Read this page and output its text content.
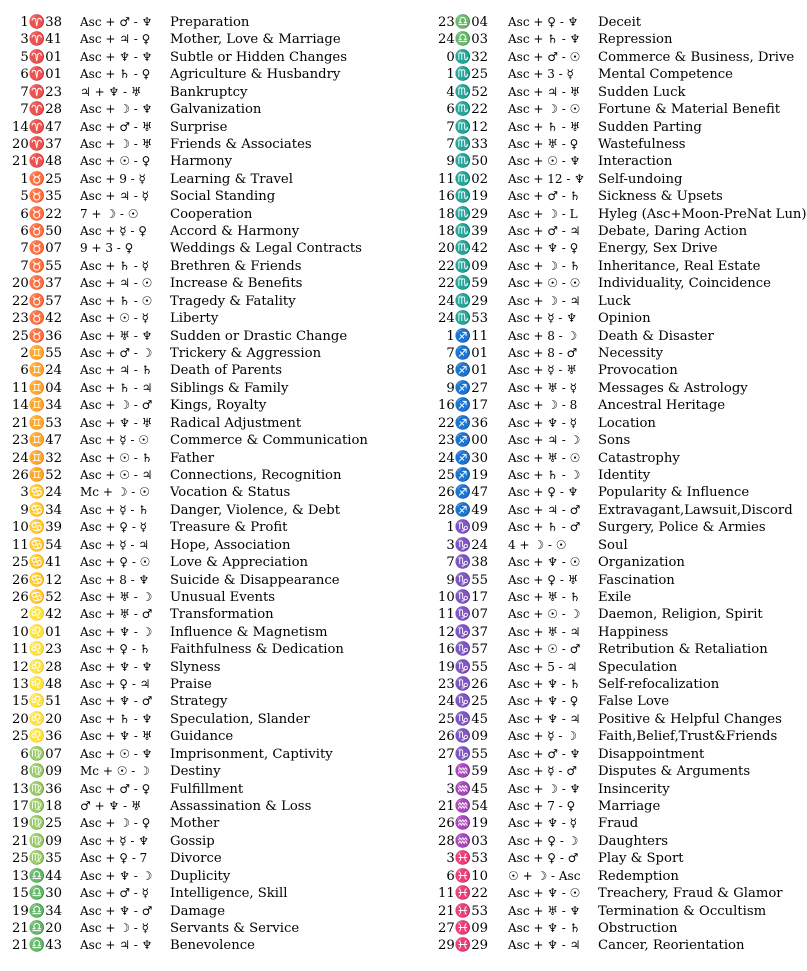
1♈38 Asc + ♂ - ♆	Preparation
3♈41 Asc + ♃ - ♀	Mother, Love & Marriage
5♈01 Asc + ♆ - ♆	Subtle or Hidden Changes
6♈01 Asc + ♄ - ♀	Agriculture & Husbandry
7♈23 ♃ + ♆ - ♅	Bankruptcy
7♈28 Asc + ☽ - ♆	Galvanization
14♈47 Asc + ♂ - ♅	Surprise
20♈37 Asc + ☽ - ♅	Friends & Associates
21♈48 Asc + ☉ - ♀	Harmony
1♉25 Asc + 9 - ☿	Learning & Travel
5♉35 Asc + ♃ - ☿	Social Standing
6♉22 7 + ☽ - ☉	Cooperation
6♉50 Asc + ☿ - ♀	Accord & Harmony
7♉07 9 + 3 - ♀	Weddings & Legal Contracts
7♉55 Asc + ♄ - ☿	Brethren & Friends
20♉37 Asc + ♃ - ☉	Increase & Benefits
22♉57 Asc + ♄ - ☉	Tragedy & Fatality
23♉42 Asc + ☉ - ☿	Liberty
25♉36 Asc + ♅ - ♆	Sudden or Drastic Change
2♊55 Asc + ♂ - ☽	Trickery & Aggression
6♊24 Asc + ♃ - ♄	Death of Parents
11♊04 Asc + ♄ - ♃	Siblings & Family
14♊34 Asc + ☽ - ♂	Kings, Royalty
21♊53 Asc + ♆ - ♅	Radical Adjustment
23♊47 Asc + ☿ - ☉	Commerce & Communication
24♊32 Asc + ☉ - ♄	Father
26♊52 Asc + ☉ - ♃	Connections, Recognition
3♋24 Mc + ☽ - ☉	Vocation & Status
9♋34 Asc + ☿ - ♄	Danger, Violence, & Debt
10♋39 Asc + ♀ - ☿	Treasure & Profit
11♋54 Asc + ☿ - ♃	Hope, Association
25♋41 Asc + ♀ - ☉	Love & Appreciation
26♋12 Asc + 8 - ♆	Suicide & Disappearance
26♋52 Asc + ♅ - ☽	Unusual Events
2♌42 Asc + ♅ - ♂	Transformation
10♌01 Asc + ♆ - ☽	Influence & Magnetism
11♌23 Asc + ♀ - ♄	Faithfulness & Dedication
12♌28 Asc + ♆ - ♆	Slyness
13♌48 Asc + ♀ - ♃	Praise
15♌51 Asc + ♆ - ♂	Strategy
20♌20 Asc + ♄ - ♆	Speculation, Slander
25♌36 Asc + ♆ - ♅	Guidance
6♍07 Asc + ☉ - ♆	Imprisonment, Captivity
8♍09 Mc + ☉ - ☽	Destiny
13♍36 Asc + ♂ - ♀	Fulfillment
17♍18 ♂ + ♆ - ♅	Assassination & Loss
19♍25 Asc + ☽ - ♀	Mother
21♍09 Asc + ☿ - ♆	Gossip
25♍35 Asc + ♀ - 7	Divorce
13♎44 Asc + ♆ - ☽	Duplicity
15♎30 Asc + ♂ - ☿	Intelligence, Skill
19♎34 Asc + ♆ - ♂	Damage
21♎20 Asc + ☽ - ☿	Servants & Service
21♎43 Asc + ♃ - ♆	Benevolence
23♎04 Asc + ♀ - ♆	Deceit
24♎03 Asc + ♄ - ♆	Repression
0♏32 Asc + ♂ - ☉	Commerce & Business, Drive
1♏25 Asc + 3 - ☿	Mental Competence
4♏52 Asc + ♃ - ♅	Sudden Luck
6♏22 Asc + ☽ - ☉	Fortune & Material Benefit
7♏12 Asc + ♄ - ♅	Sudden Parting
7♏33 Asc + ♅ - ♀	Wastefulness
9♏50 Asc + ☉ - ♆	Interaction
11♏02 Asc + 12 - ♆ Self-undoing
16♏19 Asc + ♂ - ♄	Sickness & Upsets
18♏29 Asc + ☽ - L	Hyleg (Asc+Moon-PreNat Lun)
18♏39 Asc + ♂ - ♃	Debate, Daring Action
20♏42 Asc + ♆ - ♀	Energy, Sex Drive
22♏09 Asc + ☽ - ♄	Inheritance, Real Estate
22♏59 Asc + ☉ - ☉	Individuality, Coincidence
24♏29 Asc + ☽ - ♃	Luck
24♏53 Asc + ☿ - ♆	Opinion
1♐11 Asc + 8 - ☽	Death & Disaster
7♐01 Asc + 8 - ♂	Necessity
8♐01 Asc + ☿ - ♅	Provocation
9♐27 Asc + ♅ - ☿	Messages & Astrology
16♐17 Asc + ☽ - 8	Ancestral Heritage
22♐36 Asc + ♆ - ☿	Location
23♐00 Asc + ♃ - ☽	Sons
24♐30 Asc + ♅ - ☉	Catastrophy
25♐19 Asc + ♄ - ☽	Identity
26♐47 Asc + ♀ - ♆	Popularity & Influence
28♐49 Asc + ♃ - ♂	Extravagant,Lawsuit,Discord
1♑09 Asc + ♄ - ♂	Surgery, Police & Armies
3♑24 4 + ☽ - ☉	Soul
7♑38 Asc + ♆ - ☉	Organization
9♑55 Asc + ♀ - ♅	Fascination
10♑17 Asc + ♅ - ♄	Exile
11♑07 Asc + ☉ - ☽	Daemon, Religion, Spirit
12♑37 Asc + ♅ - ♃	Happiness
16♑57 Asc + ☉ - ♂	Retribution & Retaliation
19♑55 Asc + 5 - ♃	Speculation
23♑26 Asc + ♆ - ♄	Self-refocalization
24♑25 Asc + ♆ - ♀	False Love
25♑45 Asc + ♆ - ♃	Positive & Helpful Changes
26♑09 Asc + ☿ - ☽	Faith,Belief,Trust&Friends
27♑55 Asc + ♂ - ♆	Disappointment
1♒59 Asc + ☿ - ♂	Disputes & Arguments
3♒45 Asc + ☽ - ♆	Insincerity
21♒54 Asc + 7 - ♀	Marriage
26♒19 Asc + ♆ - ☿	Fraud
28♒03 Asc + ♀ - ☽	Daughters
3♓53 Asc + ♀ - ♂	Play & Sport
6♓10 ☉ + ☽ - Asc	Redemption
11♓22 Asc + ♆ - ☉	Treachery, Fraud & Glamor
21♓53 Asc + ♅ - ♆	Termination & Occultism
27♓09 Asc + ♆ - ♄	Obstruction
29♓29 Asc + ♆ - ♃	Cancer, Reorientation
